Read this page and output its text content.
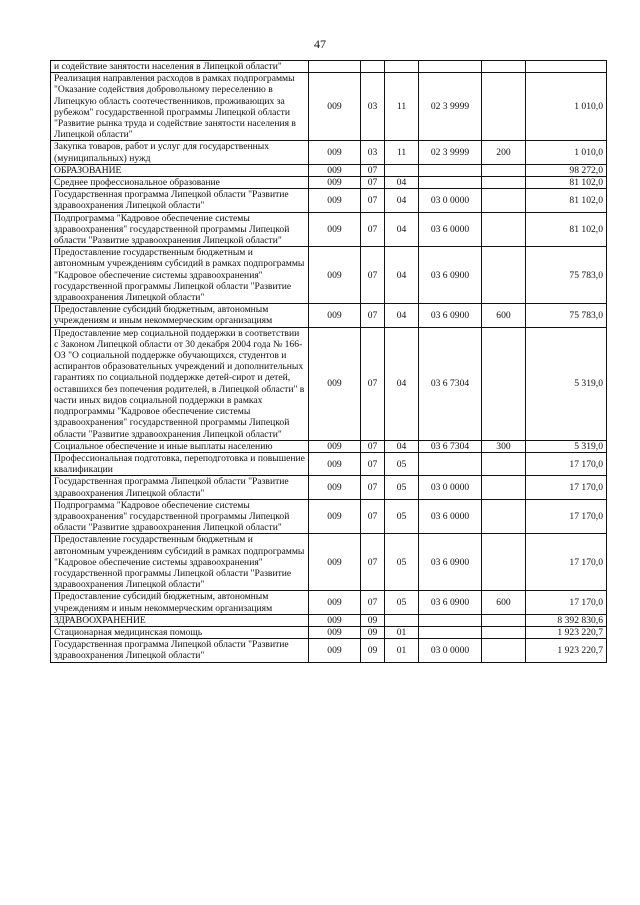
47
и содействие занятости населения в Липецкой области"						
Реализация направления расходов в рамках подпрограммы "Оказание содействия добровольному переселению в Липецкую область соотечественников, проживающих за рубежом" государственной программы Липецкой области "Развитие рынка труда и содействие занятости населения в Липецкой области"	009	03	11	02 3 9999		1 010,0
Закупка товаров, работ и услуг для государственных (муниципальных) нужд	009	03	11	02 3 9999	200	1 010,0
ОБРАЗОВАНИЕ	009	07				98 272,0
Среднее профессиональное образование	009	07	04			81 102,0
Государственная программа Липецкой области "Развитие здравоохранения Липецкой области"	009	07	04	03 0 0000		81 102,0
Подпрограмма "Кадровое обеспечение системы здравоохранения" государственной программы Липецкой области "Развитие здравоохранения Липецкой области"	009	07	04	03 6 0000		81 102,0
Предоставление государственным бюджетным и автономным учреждениям субсидий в рамках подпрограммы "Кадровое обеспечение системы здравоохранения" государственной программы Липецкой области "Развитие здравоохранения Липецкой области"	009	07	04	03 6 0900		75 783,0
Предоставление субсидий бюджетным, автономным учреждениям и иным некоммерческим организациям	009	07	04	03 6 0900	600	75 783,0
Предоставление мер социальной поддержки в соответствии с Законом Липецкой области от 30 декабря 2004 года № 166-ОЗ "О социальной поддержке обучающихся, студентов и аспирантов образовательных учреждений и дополнительных гарантиях по социальной поддержке детей-сирот и детей, оставшихся без попечения родителей, в Липецкой области" в части иных видов социальной поддержки в рамках подпрограммы "Кадровое обеспечение системы здравоохранения" государственной программы Липецкой области "Развитие здравоохранения Липецкой области"	009	07	04	03 6 7304		5 319,0
Социальное обеспечение и иные выплаты населению	009	07	04	03 6 7304	300	5 319,0
Профессиональная подготовка, переподготовка и повышение квалификации	009	07	05			17 170,0
Государственная программа Липецкой области "Развитие здравоохранения Липецкой области"	009	07	05	03 0 0000		17 170,0
Подпрограмма "Кадровое обеспечение системы здравоохранения" государственной программы Липецкой области "Развитие здравоохранения Липецкой области"	009	07	05	03 6 0000		17 170,0
Предоставление государственным бюджетным и автономным учреждениям субсидий в рамках подпрограммы "Кадровое обеспечение системы здравоохранения" государственной программы Липецкой области "Развитие здравоохранения Липецкой области"	009	07	05	03 6 0900		17 170,0
Предоставление субсидий бюджетным, автономным учреждениям и иным некоммерческим организациям	009	07	05	03 6 0900	600	17 170,0
ЗДРАВООХРАНЕНИЕ	009	09				8 392 830,6
Стационарная медицинская помощь	009	09	01			1 923 220,7
Государственная программа Липецкой области "Развитие здравоохранения Липецкой области"	009	09	01	03 0 0000		1 923 220,7
